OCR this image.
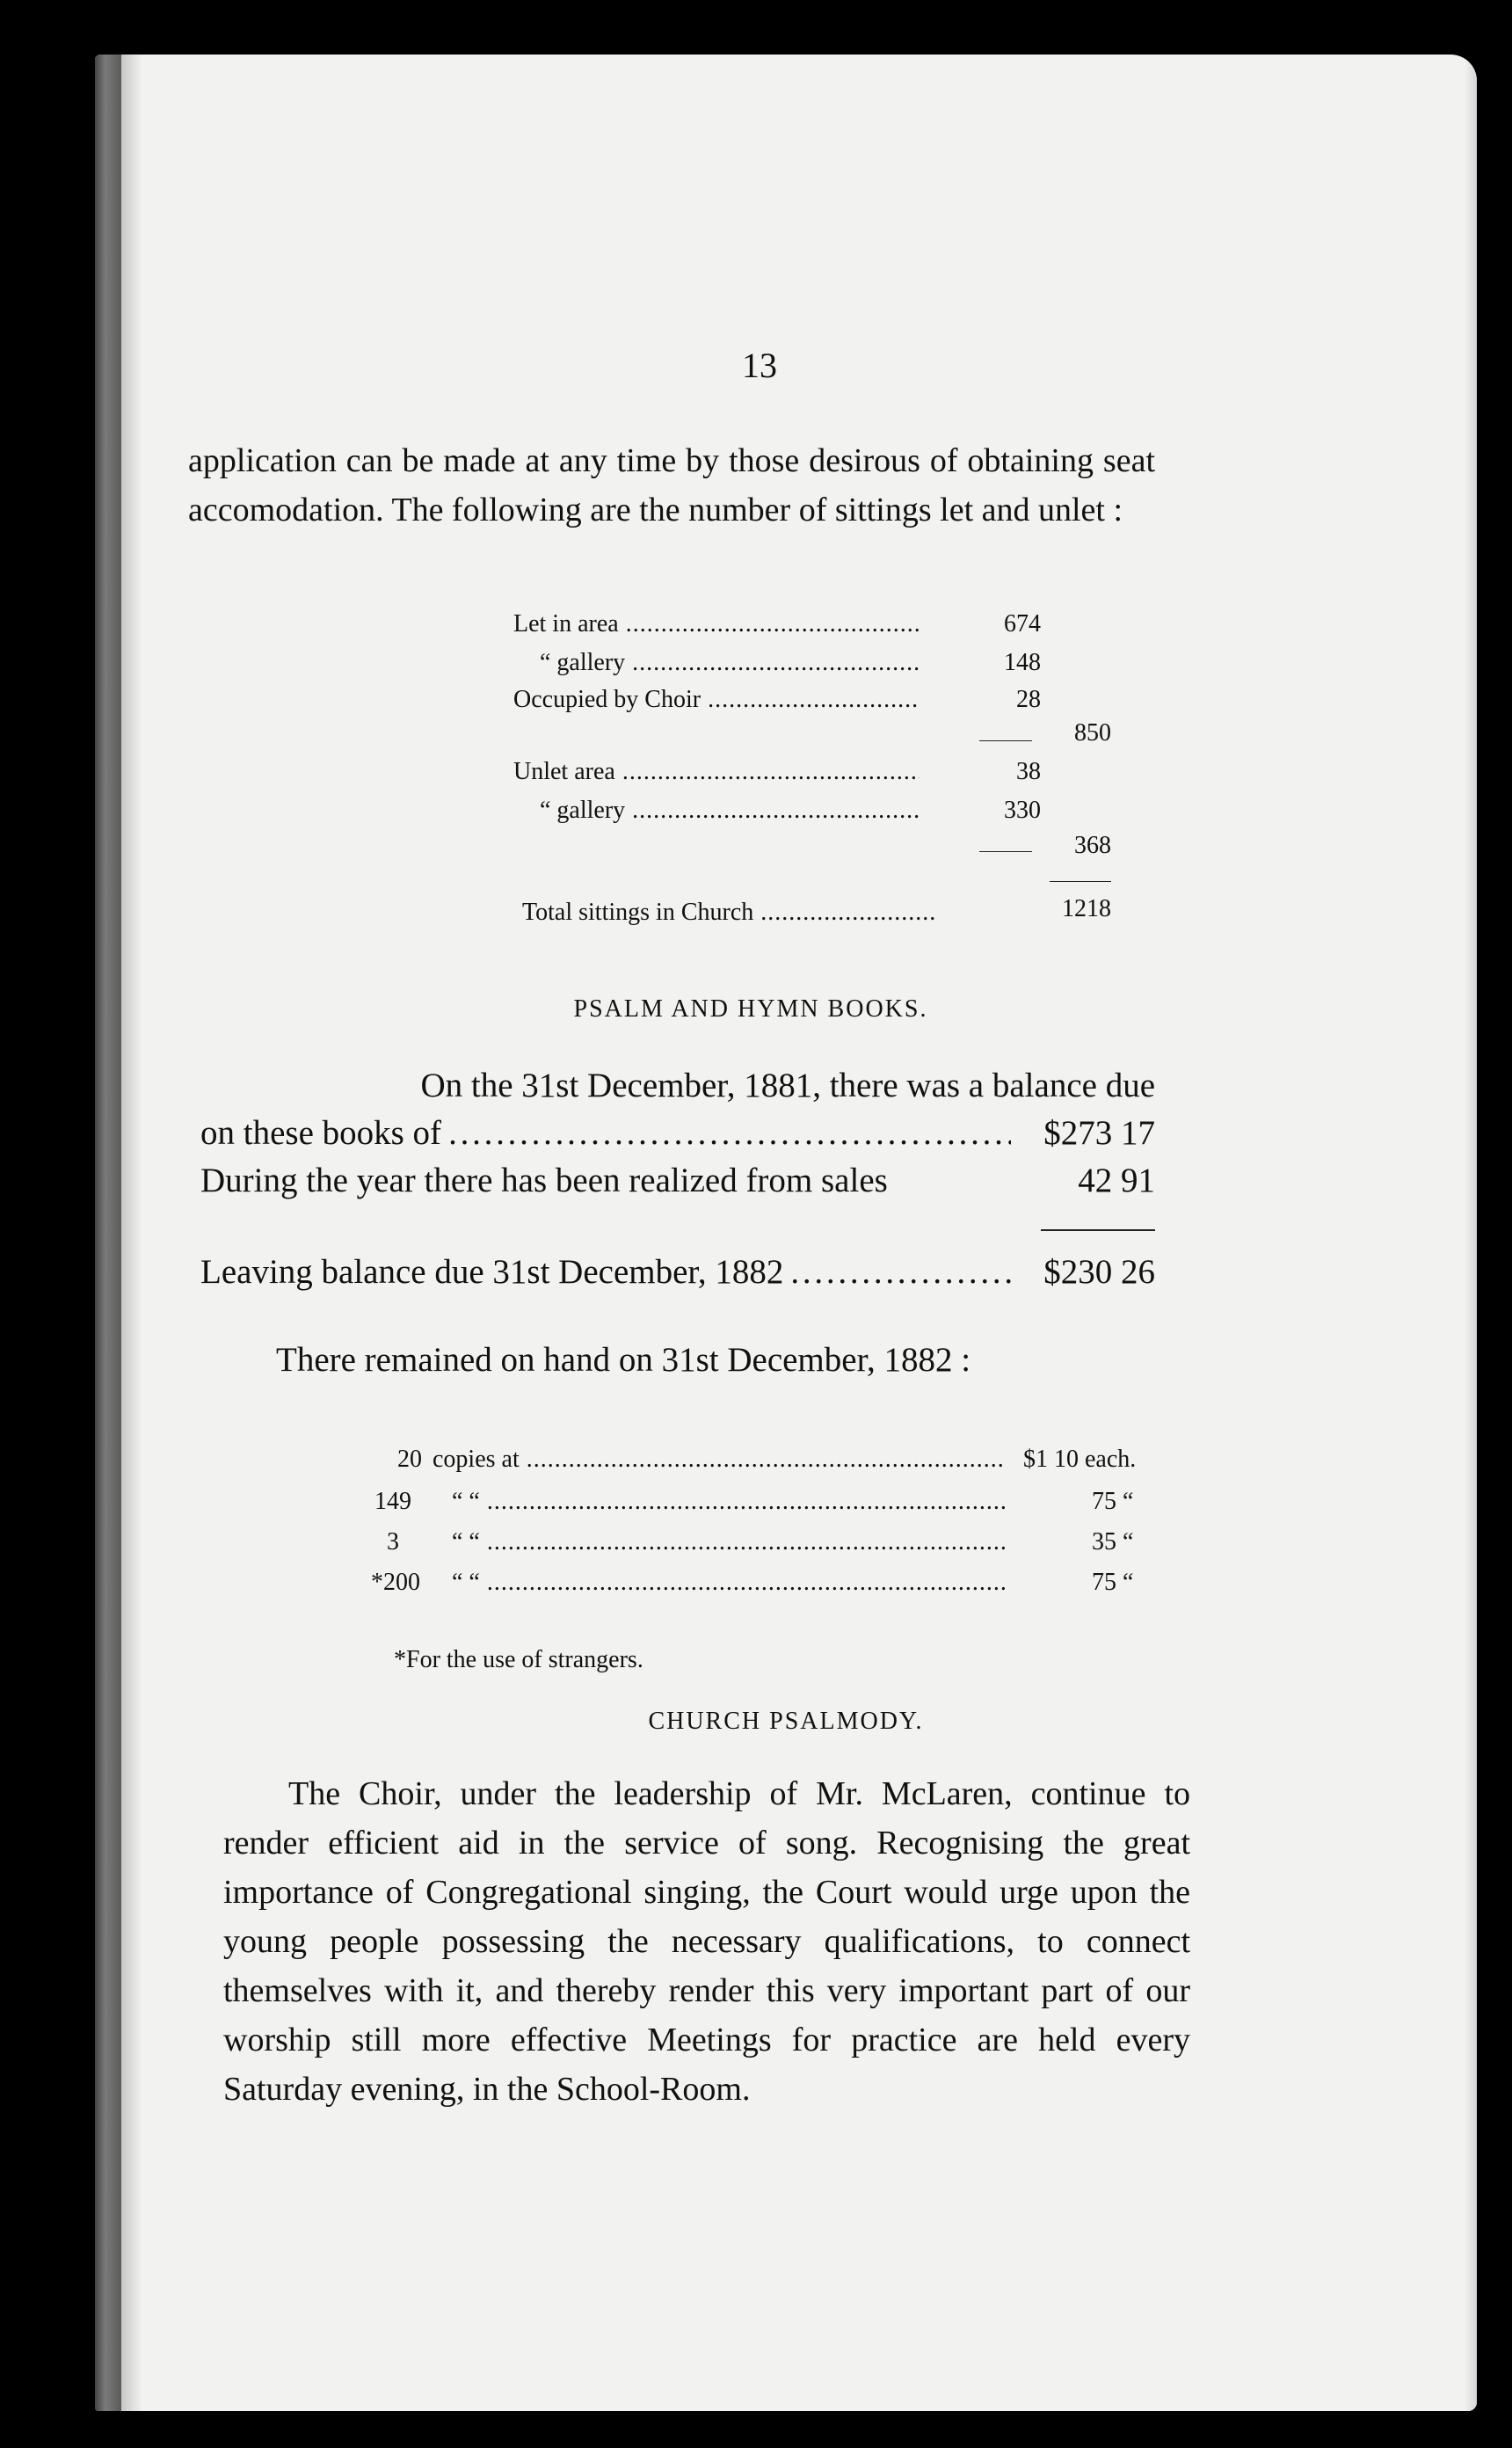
13
application can be made at any time by those desirous of obtaining seat accomodation. The following are the number of sittings let and unlet :
Let in area . . .	674
“ gallery . . .	148
Occupied by Choir . . .	28
850
Unlet area . . .	38
“ gallery . . .	330
368
Total sittings in Church . . .	1218
PSALM AND HYMN BOOKS.
On the 31st December, 1881, there was a balance due
on these books of . . .	$273 17
During the year there has been realized from sales	42 91
Leaving balance due 31st December, 1882 . . .	$230 26
There remained on hand on 31st December, 1882 :
20 copies at . . .	$1 10 each.
149	“ “ . . .	75 “
3	“ “ . . .	35 “
*200	“ “ . . .	75 “
*For the use of strangers.
CHURCH PSALMODY.
The Choir, under the leadership of Mr. McLaren, continue to render efficient aid in the service of song. Recognising the great importance of Congregational singing, the Court would urge upon the young people possessing the necessary qualifications, to connect themselves with it, and thereby render this very important part of our worship still more effective Meetings for practice are held every Saturday evening, in the School-Room.
